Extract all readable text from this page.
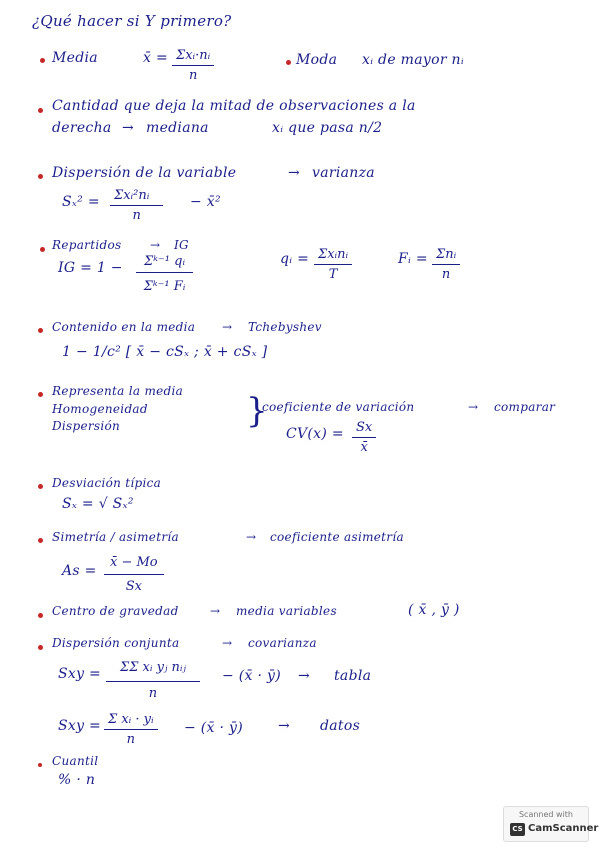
¿Qué hacer si Y primero?
Media	x̄ = Σxᵢ·nᵢ
n
Moda xᵢ de mayor nᵢ
Cantidad que deja la mitad de observaciones a la
derecha → mediana	xᵢ que pasa n/2
Dispersión de la variable	→ varianza
Sₓ² =	Σxᵢ²nᵢ
n
− x̄²
Repartidos → IG
IG = $1 - \frac{\text{Σᵏ⁻¹ qᵢ}}{\text{Σᵏ⁻¹ Fᵢ}}$	qᵢ = Σxᵢnᵢ
T
Fᵢ = Σnᵢ
n
Contenido en la media → Tchebyshev
1 − 1/c² [ x̄ − cSₓ ; x̄ + cSₓ ]
Representa la media
Homogeneidad
Dispersión	}
coeficiente de variación	→ comparar
$CV(x) = \frac{Sx}{x̄}$
Desviación típica
Sₓ = √ Sₓ²
Simetría / asimetría	→ coeficiente asimetría
$As = \frac{x̄ - Mo}{Sx}$
Centro de gravedad	→ media variables	( x̄ , ȳ )
Dispersión conjunta	→ covarianza
Sxy =	ΣΣ xᵢ yⱼ nᵢⱼ
n
− (x̄ · ȳ) → tabla
Sxy = $\frac{\text{Σ xᵢ · yᵢ}}{n}$ − (x̄ · ȳ)	→ datos
Cuantil
% · n
Scanned with
CS CamScanner
